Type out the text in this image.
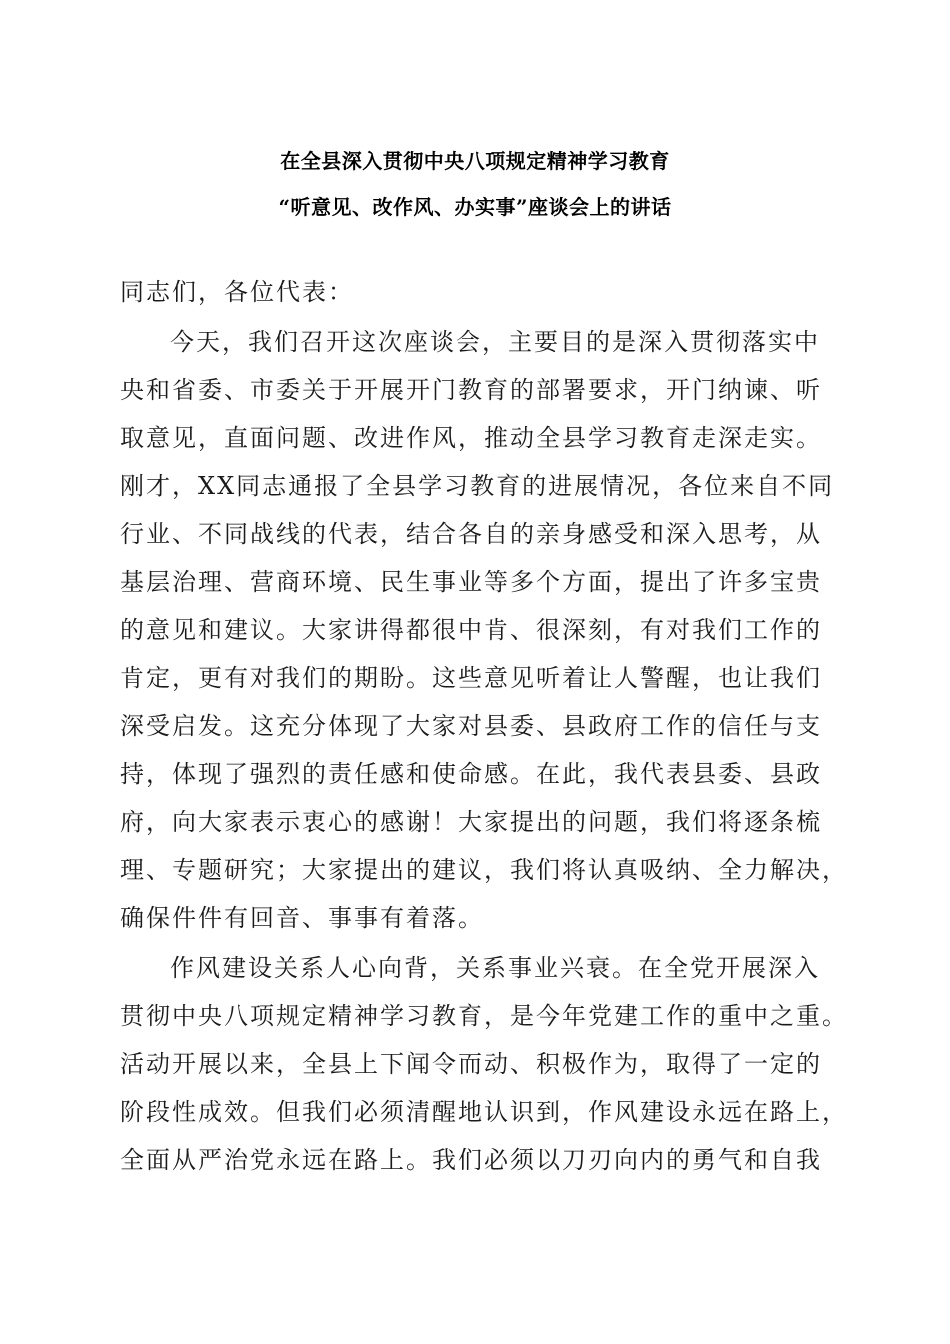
在全县深入贯彻中央八项规定精神学习教育
“听意见、改作风、办实事”座谈会上的讲话
同志们，各位代表：
今天，我们召开这次座谈会，主要目的是深入贯彻落实中
央和省委、市委关于开展开门教育的部署要求，开门纳谏、听
取意见，直面问题、改进作风，推动全县学习教育走深走实。
刚才，XX同志通报了全县学习教育的进展情况，各位来自不同
行业、不同战线的代表，结合各自的亲身感受和深入思考，从
基层治理、营商环境、民生事业等多个方面，提出了许多宝贵
的意见和建议。大家讲得都很中肯、很深刻，有对我们工作的
肯定，更有对我们的期盼。这些意见听着让人警醒，也让我们
深受启发。这充分体现了大家对县委、县政府工作的信任与支
持，体现了强烈的责任感和使命感。在此，我代表县委、县政
府，向大家表示衷心的感谢！大家提出的问题，我们将逐条梳
理、专题研究；大家提出的建议，我们将认真吸纳、全力解决，
确保件件有回音、事事有着落。
作风建设关系人心向背，关系事业兴衰。在全党开展深入
贯彻中央八项规定精神学习教育，是今年党建工作的重中之重。
活动开展以来，全县上下闻令而动、积极作为，取得了一定的
阶段性成效。但我们必须清醒地认识到，作风建设永远在路上，
全面从严治党永远在路上。我们必须以刀刃向内的勇气和自我
